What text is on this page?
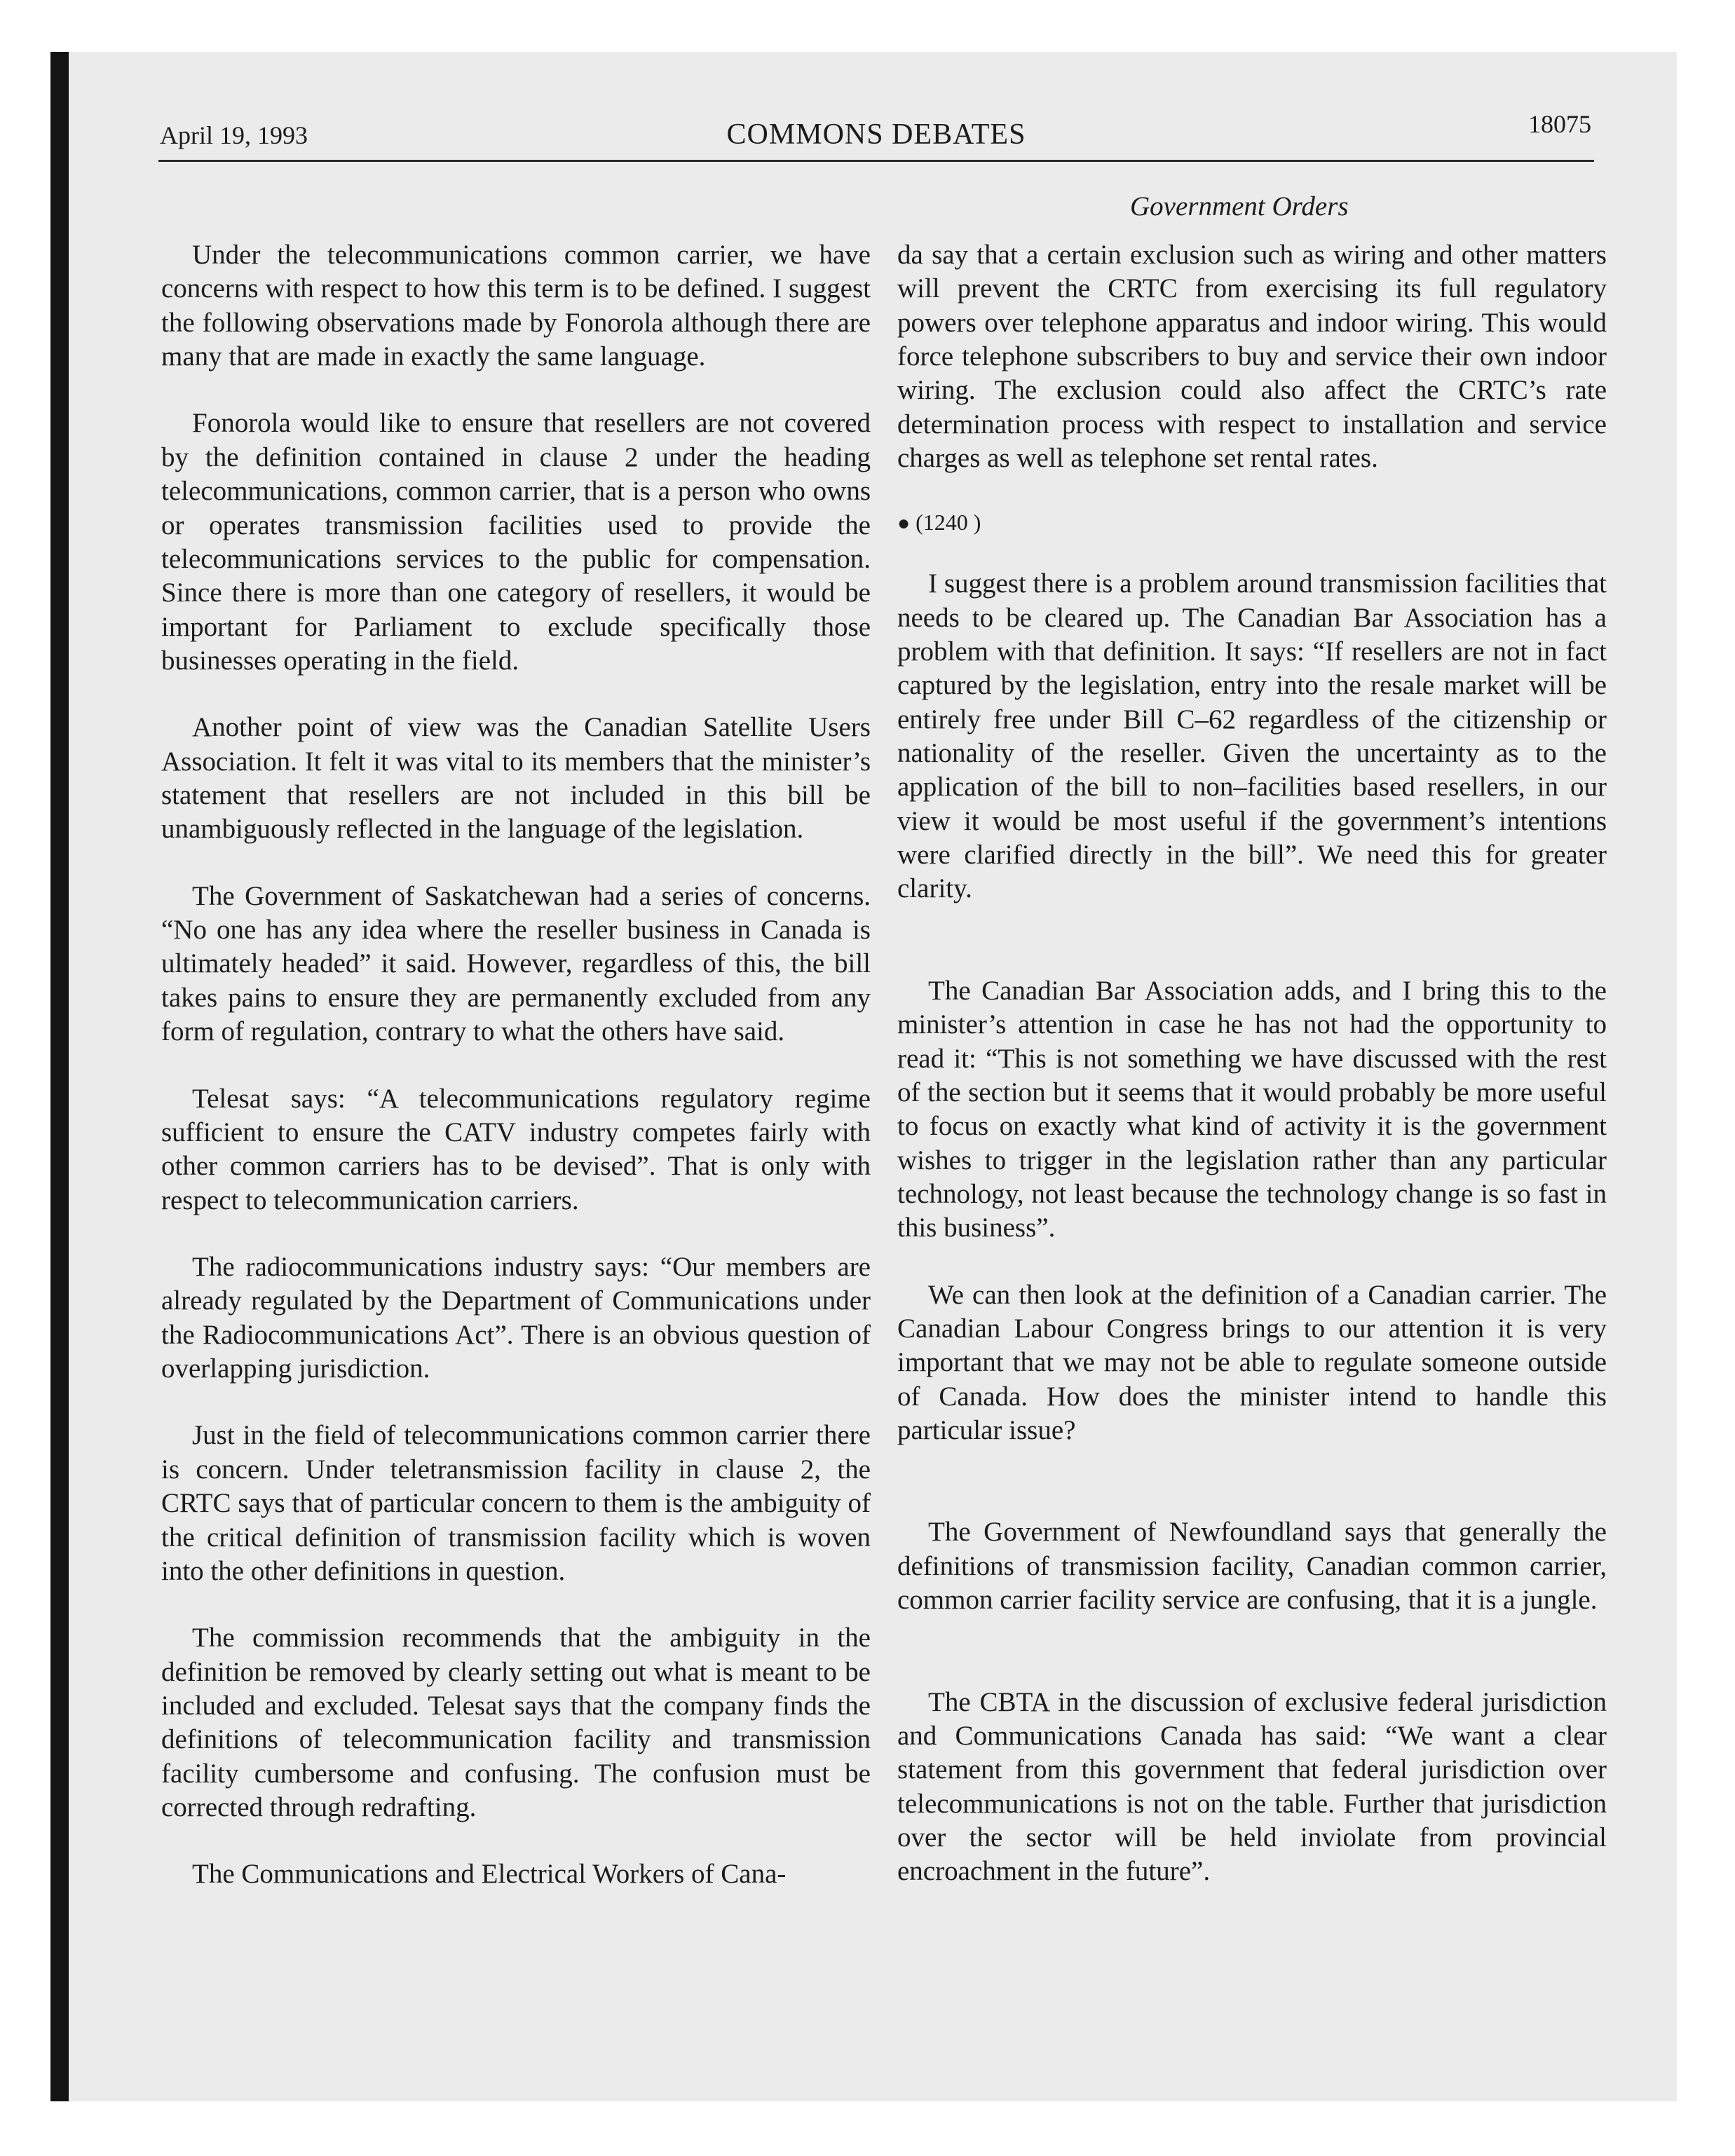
April 19, 1993	COMMONS DEBATES	18075
Government Orders

Under the telecommunications common carrier, we have concerns with respect to how this term is to be defined. I suggest the following observations made by Fonorola although there are many that are made in exactly the same language.

Fonorola would like to ensure that resellers are not covered by the definition contained in clause 2 under the heading telecommunications, common carrier, that is a person who owns or operates transmission facilities used to provide the telecommunications services to the public for compensation. Since there is more than one category of resellers, it would be important for Parliament to exclude specifically those businesses operating in the field.

Another point of view was the Canadian Satellite Users Association. It felt it was vital to its members that the minister’s statement that resellers are not included in this bill be unambiguously reflected in the language of the legislation.

The Government of Saskatchewan had a series of concerns. “No one has any idea where the reseller business in Canada is ultimately headed” it said. However, regardless of this, the bill takes pains to ensure they are permanently excluded from any form of regulation, contrary to what the others have said.

Telesat says: “A telecommunications regulatory regime sufficient to ensure the CATV industry competes fairly with other common carriers has to be devised”. That is only with respect to telecommunication carriers.

The radiocommunications industry says: “Our members are already regulated by the Department of Communications under the Radiocommunications Act”. There is an obvious question of overlapping jurisdiction.

Just in the field of telecommunications common carrier there is concern. Under teletransmission facility in clause 2, the CRTC says that of particular concern to them is the ambiguity of the critical definition of transmission facility which is woven into the other definitions in question.

The commission recommends that the ambiguity in the definition be removed by clearly setting out what is meant to be included and excluded. Telesat says that the company finds the definitions of telecommunication facility and transmission facility cumbersome and confusing. The confusion must be corrected through redrafting.

The Communications and Electrical Workers of Cana-

da say that a certain exclusion such as wiring and other matters will prevent the CRTC from exercising its full regulatory powers over telephone apparatus and indoor wiring. This would force telephone subscribers to buy and service their own indoor wiring. The exclusion could also affect the CRTC’s rate determination process with respect to installation and service charges as well as telephone set rental rates.

● (1240 )

I suggest there is a problem around transmission facilities that needs to be cleared up. The Canadian Bar Association has a problem with that definition. It says: “If resellers are not in fact captured by the legislation, entry into the resale market will be entirely free under Bill C–62 regardless of the citizenship or nationality of the reseller. Given the uncertainty as to the application of the bill to non–facilities based resellers, in our view it would be most useful if the government’s intentions were clarified directly in the bill”. We need this for greater clarity.

The Canadian Bar Association adds, and I bring this to the minister’s attention in case he has not had the opportunity to read it: “This is not something we have discussed with the rest of the section but it seems that it would probably be more useful to focus on exactly what kind of activity it is the government wishes to trigger in the legislation rather than any particular technology, not least because the technology change is so fast in this business”.

We can then look at the definition of a Canadian carrier. The Canadian Labour Congress brings to our attention it is very important that we may not be able to regulate someone outside of Canada. How does the minister intend to handle this particular issue?

The Government of Newfoundland says that generally the definitions of transmission facility, Canadian common carrier, common carrier facility service are confusing, that it is a jungle.

The CBTA in the discussion of exclusive federal jurisdiction and Communications Canada has said: “We want a clear statement from this government that federal jurisdiction over telecommunications is not on the table. Further that jurisdiction over the sector will be held inviolate from provincial encroachment in the future”.
